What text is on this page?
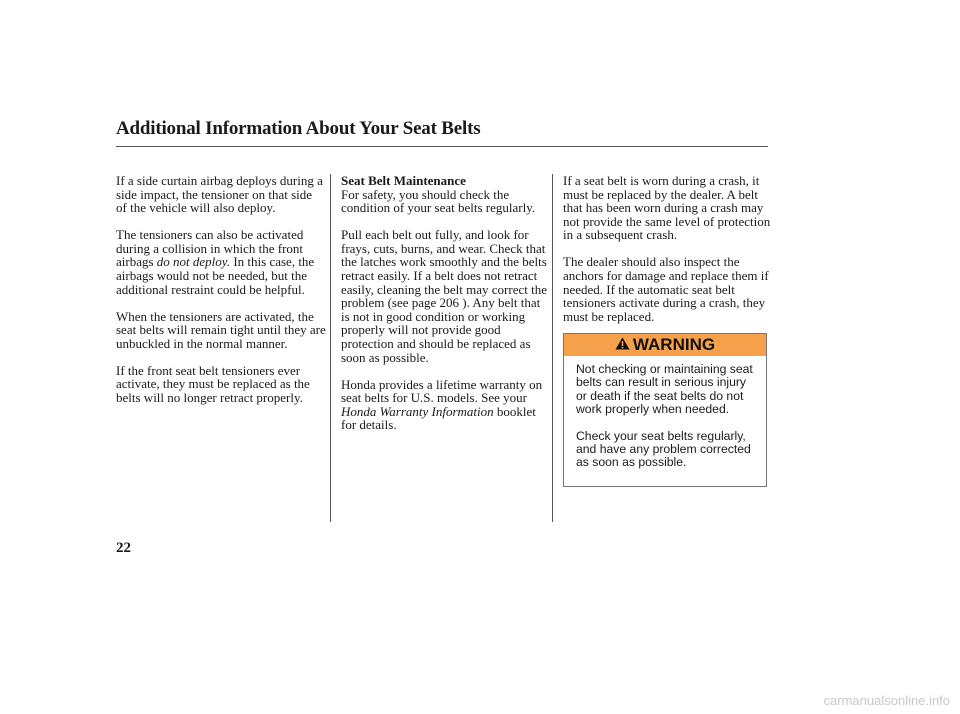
Additional Information About Your Seat Belts

If a side curtain airbag deploys during a side impact, the tensioner on that side of the vehicle will also deploy.

The tensioners can also be activated during a collision in which the front airbags do not deploy. In this case, the airbags would not be needed, but the additional restraint could be helpful.

When the tensioners are activated, the seat belts will remain tight until they are unbuckled in the normal manner.

If the front seat belt tensioners ever activate, they must be replaced as the belts will no longer retract properly.

Seat Belt Maintenance

For safety, you should check the condition of your seat belts regularly.

Pull each belt out fully, and look for frays, cuts, burns, and wear. Check that the latches work smoothly and the belts retract easily. If a belt does not retract easily, cleaning the belt may correct the problem (see page 206 ). Any belt that is not in good condition or working properly will not provide good protection and should be replaced as soon as possible.

Honda provides a lifetime warranty on seat belts for U.S. models. See your Honda Warranty Information booklet for details.

If a seat belt is worn during a crash, it must be replaced by the dealer. A belt that has been worn during a crash may not provide the same level of protection in a subsequent crash.

The dealer should also inspect the anchors for damage and replace them if needed. If the automatic seat belt tensioners activate during a crash, they must be replaced.

WARNING

Not checking or maintaining seat belts can result in serious injury or death if the seat belts do not work properly when needed.

Check your seat belts regularly, and have any problem corrected as soon as possible.

22
carmanualsonline.info
